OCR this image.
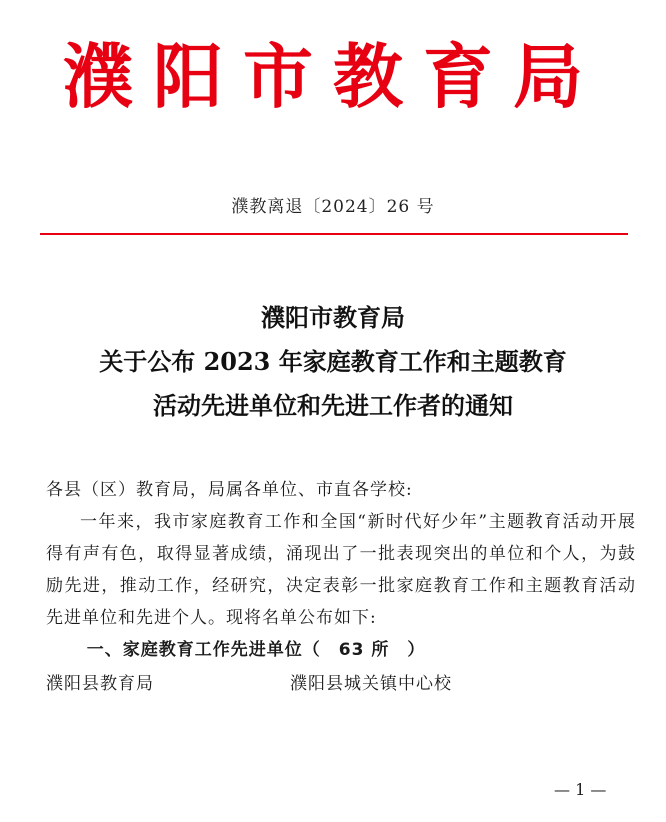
濮阳市教育局
濮教离退〔2024〕26 号
濮阳市教育局
关于公布 2023 年家庭教育工作和主题教育
活动先进单位和先进工作者的通知

各县（区）教育局，局属各单位、市直各学校:

一年来，我市家庭教育工作和全国“新时代好少年”主题教育活动开展得有声有色，取得显著成绩，涌现出了一批表现突出的单位和个人，为鼓励先进，推动工作，经研究，决定表彰一批家庭教育工作和主题教育活动先进单位和先进个人。现将名单公布如下:

一、家庭教育工作先进单位（　63 所　）

濮阳县教育局	濮阳县城关镇中心校
— 1 —
